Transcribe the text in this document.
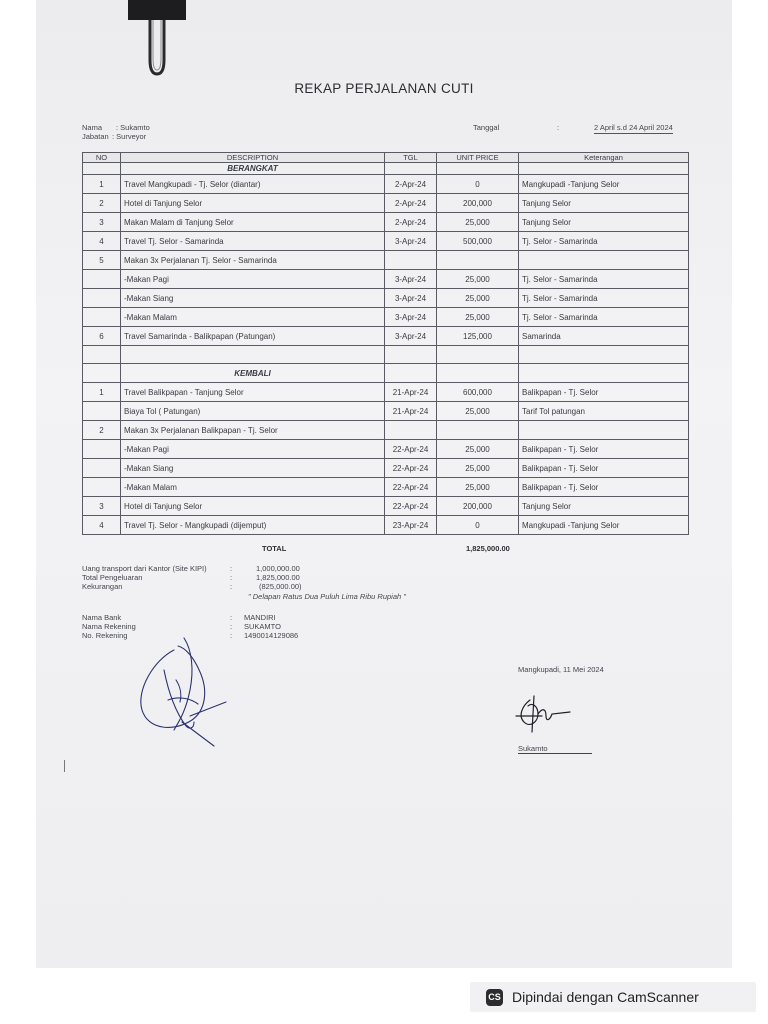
REKAP PERJALANAN CUTI
Nama : Sukamto
Jabatan : Surveyor
Tanggal	:	2 April s.d 24 April 2024
NO	DESCRIPTION	TGL	UNIT PRICE	Keterangan
	BERANGKAT			
1	Travel Mangkupadi - Tj. Selor (diantar)	2-Apr-24	0	Mangkupadi -Tanjung Selor
2	Hotel di Tanjung Selor	2-Apr-24	200,000	Tanjung Selor
3	Makan Malam di Tanjung Selor	2-Apr-24	25,000	Tanjung Selor
4	Travel Tj. Selor - Samarinda	3-Apr-24	500,000	Tj. Selor - Samarinda
5	Makan 3x Perjalanan Tj. Selor - Samarinda			
	-Makan Pagi	3-Apr-24	25,000	Tj. Selor - Samarinda
	-Makan Siang	3-Apr-24	25,000	Tj. Selor - Samarinda
	-Makan Malam	3-Apr-24	25,000	Tj. Selor - Samarinda
6	Travel Samarinda - Balikpapan (Patungan)	3-Apr-24	125,000	Samarinda

	KEMBALI			
1	Travel Balikpapan - Tanjung Selor	21-Apr-24	600,000	Balikpapan - Tj. Selor
	Biaya Tol ( Patungan)	21-Apr-24	25,000	Tarif Tol patungan
2	Makan 3x Perjalanan Balikpapan - Tj. Selor			
	-Makan Pagi	22-Apr-24	25,000	Balikpapan - Tj. Selor
	-Makan Siang	22-Apr-24	25,000	Balikpapan - Tj. Selor
	-Makan Malam	22-Apr-24	25,000	Balikpapan - Tj. Selor
3	Hotel di Tanjung Selor	22-Apr-24	200,000	Tanjung Selor
4	Travel Tj. Selor - Mangkupadi (dijemput)	23-Apr-24	0	Mangkupadi -Tanjung Selor
TOTAL	1,825,000.00
Uang transport dari Kantor (Site KIPI)	:	1,000,000.00
Total Pengeluaran	:	1,825,000.00
Kekurangan	:	(825,000.00)
" Delapan Ratus Dua Puluh Lima Ribu Rupiah "
Nama Bank	: MANDIRI
Nama Rekening	: SUKAMTO
No. Rekening	: 1490014129086
Mangkupadi, 11 Mei 2024
Sukamto
CS Dipindai dengan CamScanner
